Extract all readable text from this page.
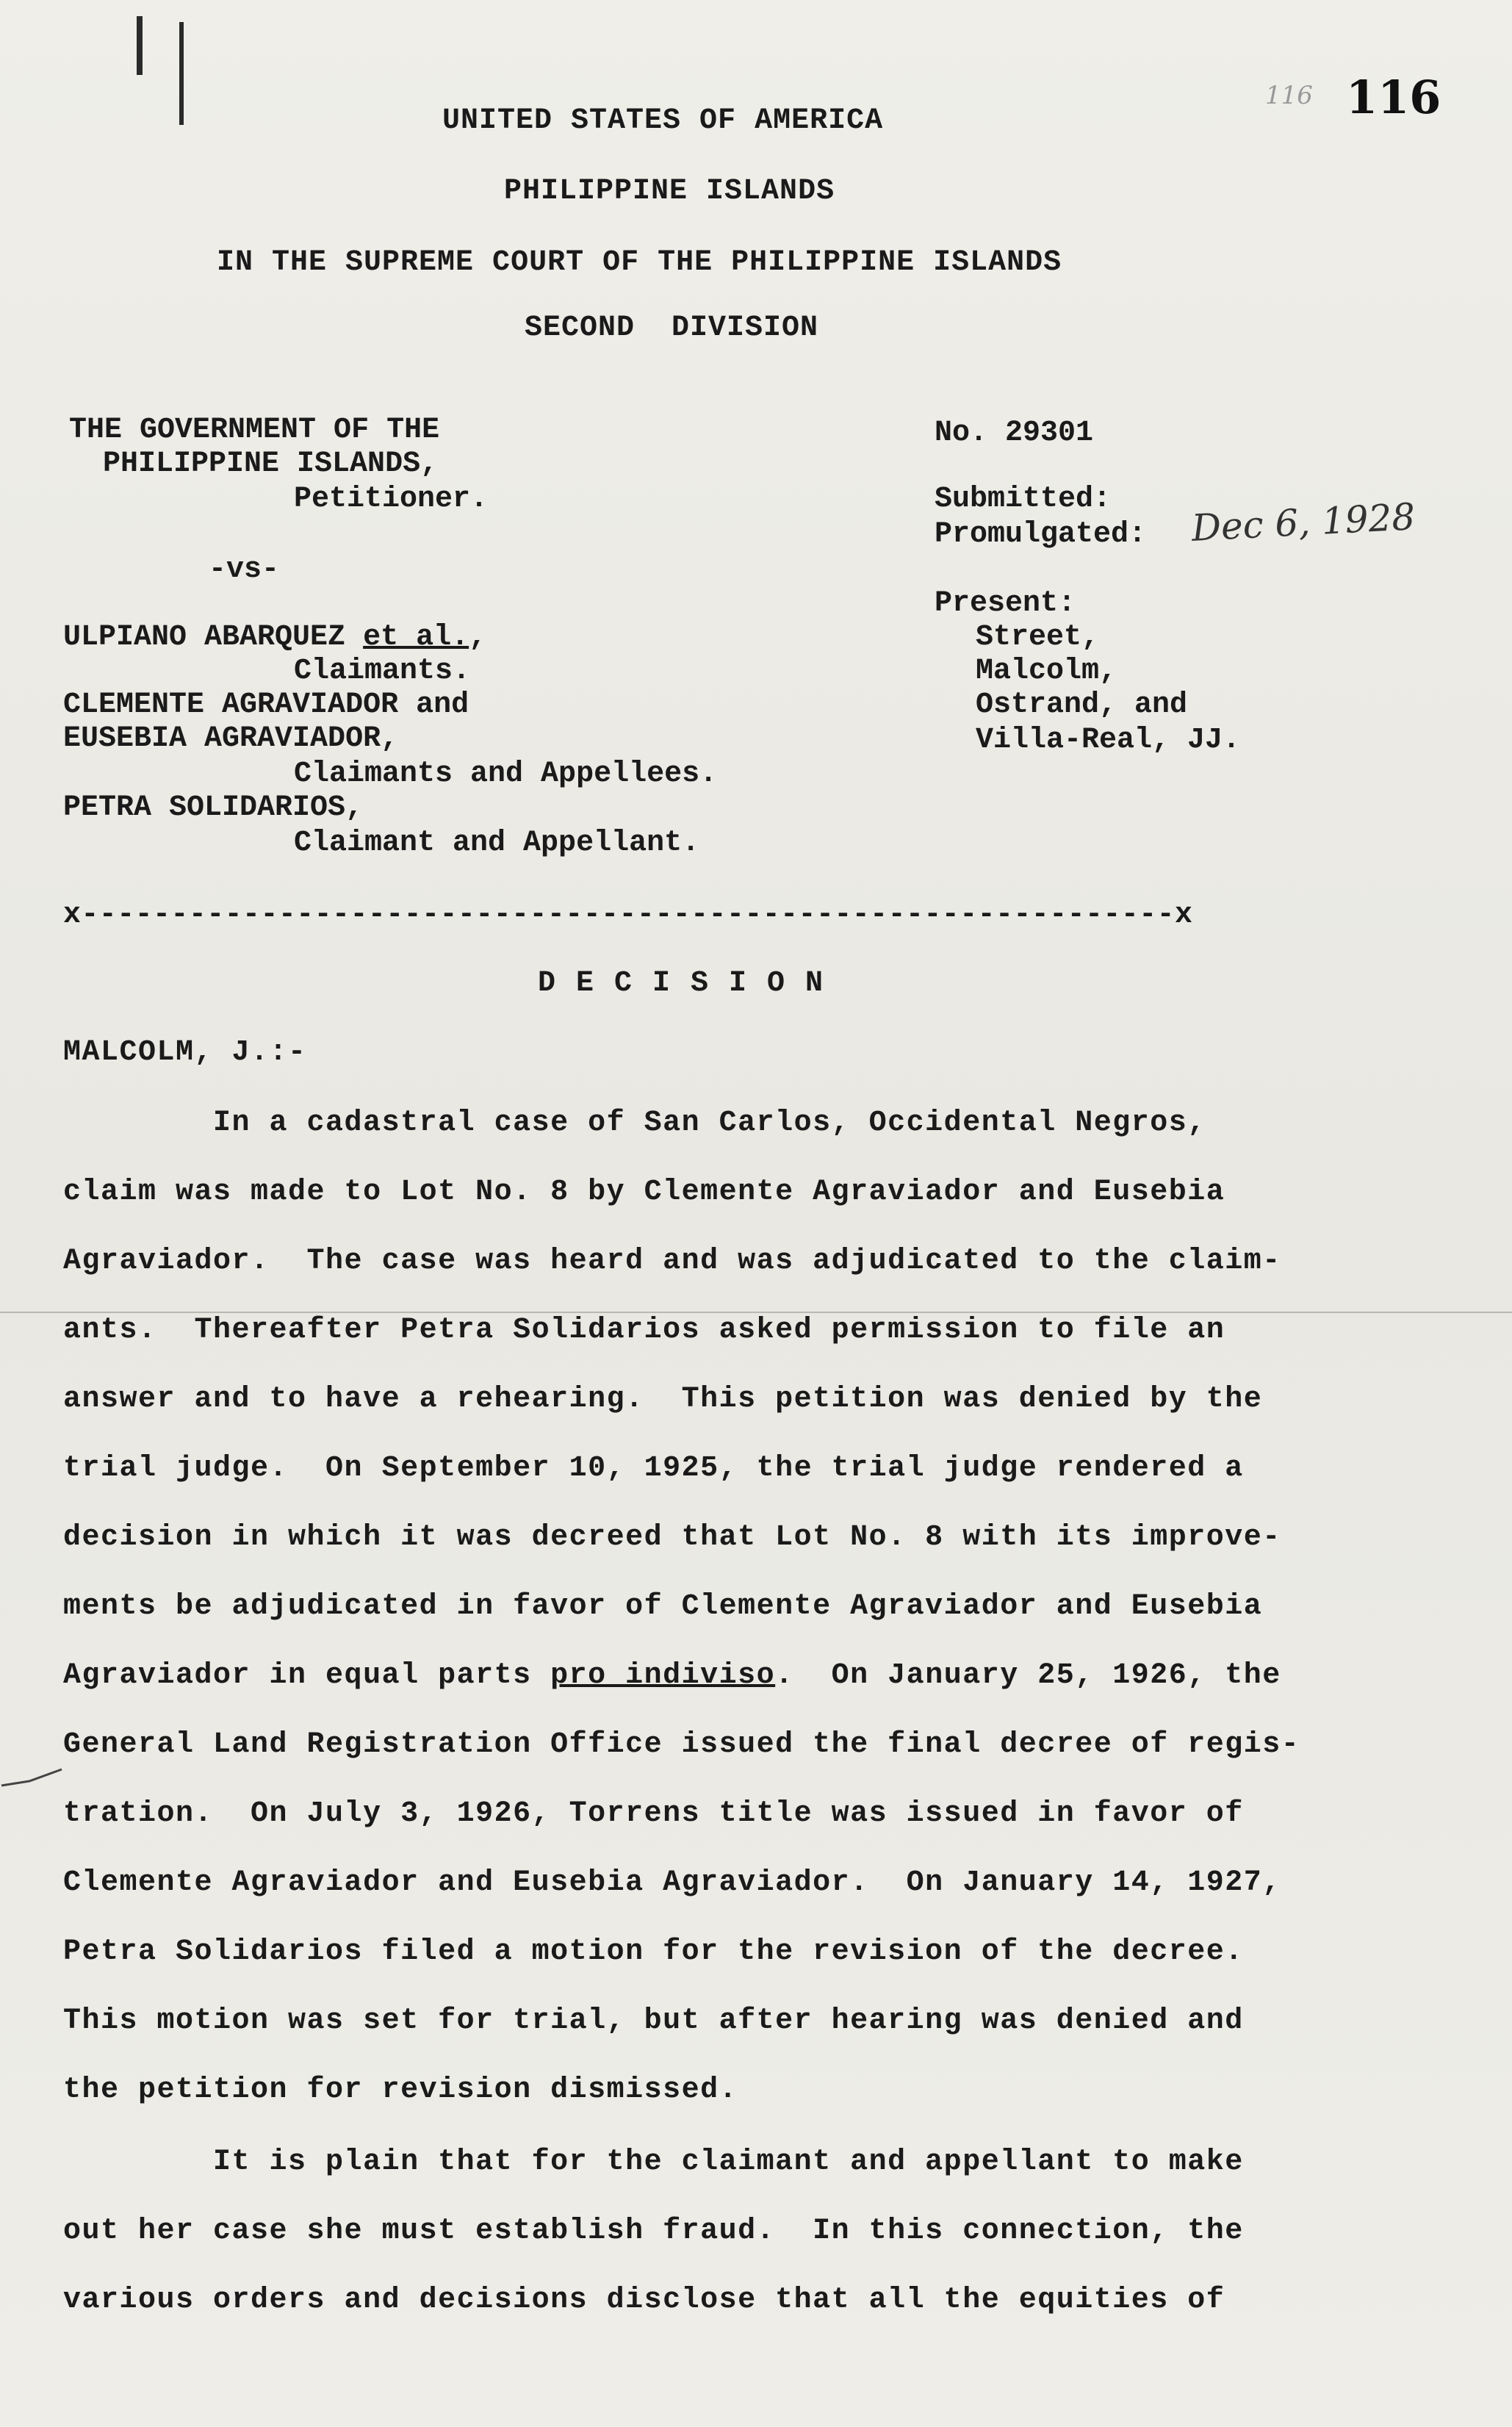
116 116
UNITED STATES OF AMERICA
PHILIPPINE ISLANDS
IN THE SUPREME COURT OF THE PHILIPPINE ISLANDS
SECOND  DIVISION
THE GOVERNMENT OF THE
PHILIPPINE ISLANDS,
Petitioner.
-vs-
ULPIANO ABARQUEZ et al.,
Claimants.
CLEMENTE AGRAVIADOR and
EUSEBIA AGRAVIADOR,
Claimants and Appellees.
PETRA SOLIDARIOS,
Claimant and Appellant.
No. 29301
Submitted:
Promulgated: Dec 6, 1928
Present:
Street,
Malcolm,
Ostrand, and
Villa-Real, JJ.
x-------------------------------------------------------------x
D E C I S I O N
MALCOLM, J.:-
In a cadastral case of San Carlos, Occidental Negros,
claim was made to Lot No. 8 by Clemente Agraviador and Eusebia
Agraviador.  The case was heard and was adjudicated to the claim-
ants.  Thereafter Petra Solidarios asked permission to file an
answer and to have a rehearing.  This petition was denied by the
trial judge.  On September 10, 1925, the trial judge rendered a
decision in which it was decreed that Lot No. 8 with its improve-
ments be adjudicated in favor of Clemente Agraviador and Eusebia
Agraviador in equal parts pro indiviso.  On January 25, 1926, the
General Land Registration Office issued the final decree of regis-
tration.  On July 3, 1926, Torrens title was issued in favor of
Clemente Agraviador and Eusebia Agraviador.  On January 14, 1927,
Petra Solidarios filed a motion for the revision of the decree.
This motion was set for trial, but after hearing was denied and
the petition for revision dismissed.
It is plain that for the claimant and appellant to make
out her case she must establish fraud.  In this connection, the
various orders and decisions disclose that all the equities of
